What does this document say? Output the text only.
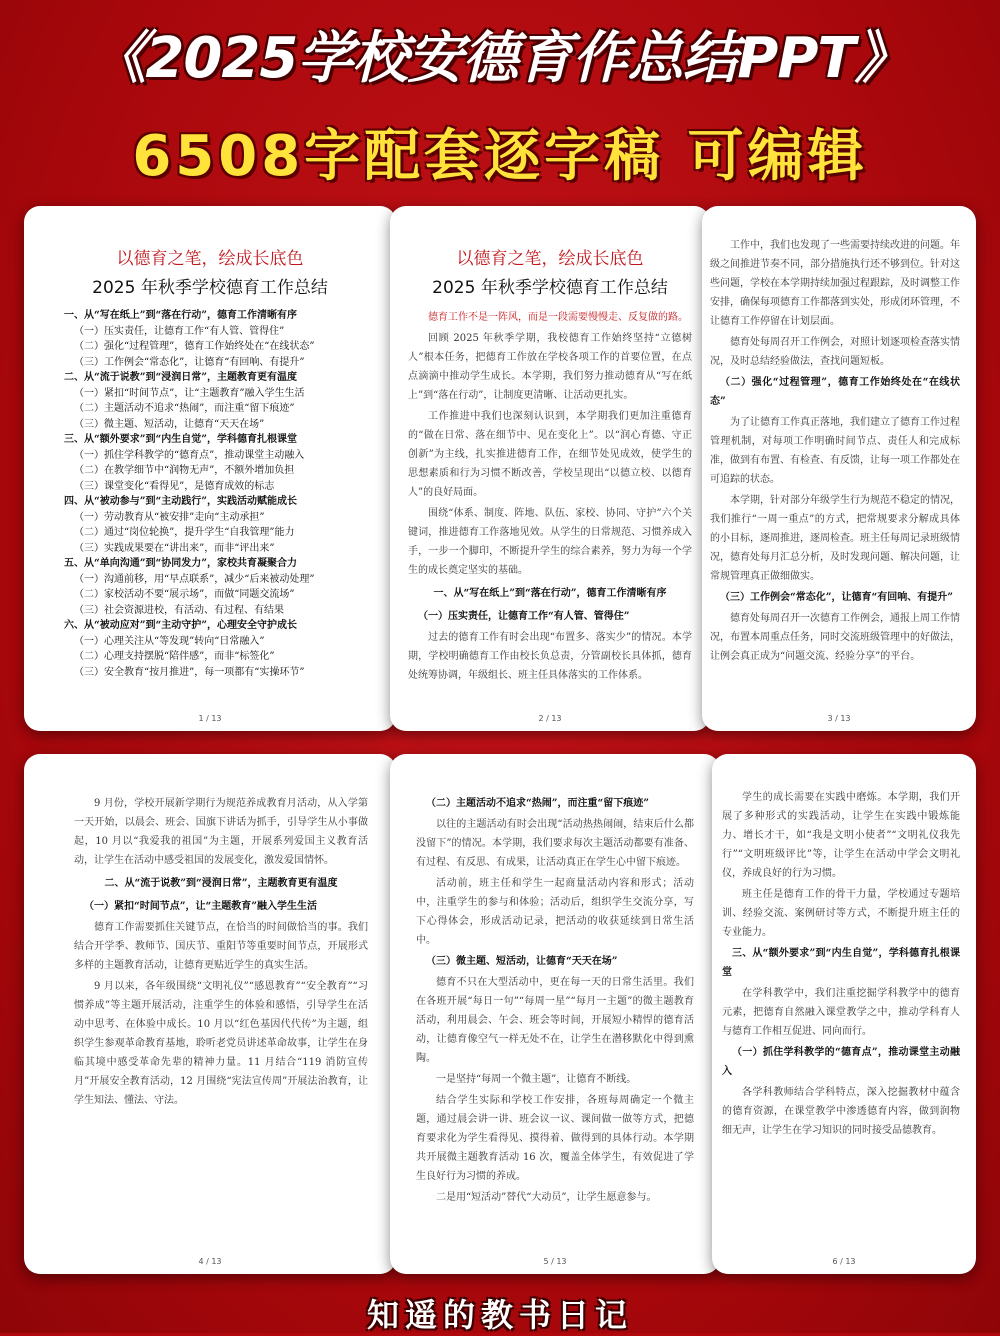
《2025学校安德育作总结PPT》
6508字配套逐字稿 可编辑

以德育之笔，绘成长底色

2025 年秋季学校德育工作总结

一、从“写在纸上”到“落在行动”，德育工作清晰有序
（一）压实责任，让德育工作“有人管、管得住”
（二）强化“过程管理”，德育工作始终处在“在线状态”
（三）工作例会“常态化”，让德育“有回响、有提升”
二、从“流于说教”到“浸润日常”，主题教育更有温度
（一）紧扣“时间节点”，让“主题教育”融入学生生活
（二）主题活动不追求“热闹”，而注重“留下痕迹”
（三）微主题、短活动，让德育“天天在场”
三、从“额外要求”到“内生自觉”，学科德育扎根课堂
（一）抓住学科教学的“德育点”，推动课堂主动融入
（二）在教学细节中“润物无声”，不额外增加负担
（三）课堂变化“看得见”，是德育成效的标志
四、从“被动参与”到“主动践行”，实践活动赋能成长
（一）劳动教育从“被安排”走向“主动承担”
（二）通过“岗位轮换”，提升学生“自我管理”能力
（三）实践成果要在“讲出来”，而非“评出来”
五、从“单向沟通”到“协同发力”，家校共育凝聚合力
（一）沟通前移，用“早点联系”，减少“后来被动处理”
（二）家校活动不要“展示场”，而做“同题交流场”
（三）社会资源进校，有活动、有过程、有结果
六、从“被动应对”到“主动守护”，心理安全守护成长
（一）心理关注从“等发现”转向“日常融入”
（二）心理支持摆脱“陪伴感”，而非“标签化”
（三）安全教育“按月推进”，每一项都有“实操环节”
1 / 13

以德育之笔，绘成长底色

2025 年秋季学校德育工作总结

德育工作不是一阵风，而是一段需要慢慢走、反复做的路。

回顾 2025 年秋季学期，我校德育工作始终坚持“立德树人”根本任务，把德育工作放在学校各项工作的首要位置，在点点滴滴中推动学生成长。本学期，我们努力推动德育从“写在纸上”到“落在行动”，让制度更清晰、让活动更扎实。

工作推进中我们也深刻认识到，本学期我们更加注重德育的“做在日常、落在细节中、见在变化上”。以“润心育德、守正创新”为主线，扎实推进德育工作，在细节处见成效，使学生的思想素质和行为习惯不断改善，学校呈现出“以德立校、以德育人”的良好局面。

围绕“体系、制度、阵地、队伍、家校、协同、守护”六个关键词，推进德育工作落地见效。从学生的日常规范、习惯养成入手，一步一个脚印，不断提升学生的综合素养，努力为每一个学生的成长奠定坚实的基础。

一、从“写在纸上”到“落在行动”，德育工作清晰有序

（一）压实责任，让德育工作“有人管、管得住”

过去的德育工作有时会出现“布置多、落实少”的情况。本学期，学校明确德育工作由校长负总责，分管副校长具体抓，德育处统筹协调，年级组长、班主任具体落实的工作体系。

2 / 13

工作中，我们也发现了一些需要持续改进的问题。年级之间推进节奏不同，部分措施执行还不够到位。针对这些问题，学校在本学期持续加强过程跟踪，及时调整工作安排，确保每项德育工作都落到实处，形成闭环管理，不让德育工作停留在计划层面。

德育处每周召开工作例会，对照计划逐项检查落实情况，及时总结经验做法，查找问题短板。

（二）强化“过程管理”，德育工作始终处在“在线状态”

为了让德育工作真正落地，我们建立了德育工作过程管理机制，对每项工作明确时间节点、责任人和完成标准，做到有布置、有检查、有反馈，让每一项工作都处在可追踪的状态。

本学期，针对部分年级学生行为规范不稳定的情况，我们推行“一周一重点”的方式，把常规要求分解成具体的小目标，逐周推进，逐周检查。班主任每周记录班级情况，德育处每月汇总分析，及时发现问题、解决问题，让常规管理真正做细做实。

（三）工作例会“常态化”，让德育“有回响、有提升”

德育处每周召开一次德育工作例会，通报上周工作情况，布置本周重点任务，同时交流班级管理中的好做法，让例会真正成为“问题交流、经验分享”的平台。

3 / 13

9 月份，学校开展新学期行为规范养成教育月活动，从入学第一天开始，以晨会、班会、国旗下讲话为抓手，引导学生从小事做起，10 月以“我爱我的祖国”为主题，开展系列爱国主义教育活动，让学生在活动中感受祖国的发展变化，激发爱国情怀。

二、从“流于说教”到“浸润日常”，主题教育更有温度

（一）紧扣“时间节点”，让“主题教育”融入学生生活

德育工作需要抓住关键节点，在恰当的时间做恰当的事。我们结合开学季、教师节、国庆节、重阳节等重要时间节点，开展形式多样的主题教育活动，让德育更贴近学生的真实生活。

9 月以来，各年级围绕“文明礼仪”“感恩教育”“安全教育”“习惯养成”等主题开展活动，注重学生的体验和感悟，引导学生在活动中思考、在体验中成长。10 月以“红色基因代代传”为主题，组织学生参观革命教育基地，聆听老党员讲述革命故事，让学生在身临其境中感受革命先辈的精神力量。11 月结合“119 消防宣传月”开展安全教育活动，12 月围绕“宪法宣传周”开展法治教育，让学生知法、懂法、守法。

4 / 13

（二）主题活动不追求“热闹”，而注重“留下痕迹”

以往的主题活动有时会出现“活动热热闹闹，结束后什么都没留下”的情况。本学期，我们要求每次主题活动都要有准备、有过程、有反思、有成果，让活动真正在学生心中留下痕迹。

活动前，班主任和学生一起商量活动内容和形式；活动中，注重学生的参与和体验；活动后，组织学生交流分享，写下心得体会，形成活动记录，把活动的收获延续到日常生活中。

（三）微主题、短活动，让德育“天天在场”

德育不只在大型活动中，更在每一天的日常生活里。我们在各班开展“每日一句”“每周一星”“每月一主题”的微主题教育活动，利用晨会、午会、班会等时间，开展短小精悍的德育活动，让德育像空气一样无处不在，让学生在潜移默化中得到熏陶。

一是坚持“每周一个微主题”，让德育不断线。

结合学生实际和学校工作安排，各班每周确定一个微主题，通过晨会讲一讲、班会议一议、课间做一做等方式，把德育要求化为学生看得见、摸得着、做得到的具体行动。本学期共开展微主题教育活动 16 次，覆盖全体学生，有效促进了学生良好行为习惯的养成。

二是用“短活动”替代“大动员”，让学生愿意参与。

5 / 13

学生的成长需要在实践中磨炼。本学期，我们开展了多种形式的实践活动，让学生在实践中锻炼能力、增长才干，如“我是文明小使者”“文明礼仪我先行”“文明班级评比”等，让学生在活动中学会文明礼仪，养成良好的行为习惯。

班主任是德育工作的骨干力量，学校通过专题培训、经验交流、案例研讨等方式，不断提升班主任的专业能力。

三、从“额外要求”到“内生自觉”，学科德育扎根课堂

在学科教学中，我们注重挖掘学科教学中的德育元素，把德育自然融入课堂教学之中，推动学科育人与德育工作相互促进、同向而行。

（一）抓住学科教学的“德育点”，推动课堂主动融入

各学科教师结合学科特点，深入挖掘教材中蕴含的德育资源，在课堂教学中渗透德育内容，做到润物细无声，让学生在学习知识的同时接受品德教育。

6 / 13
知遥的教书日记
